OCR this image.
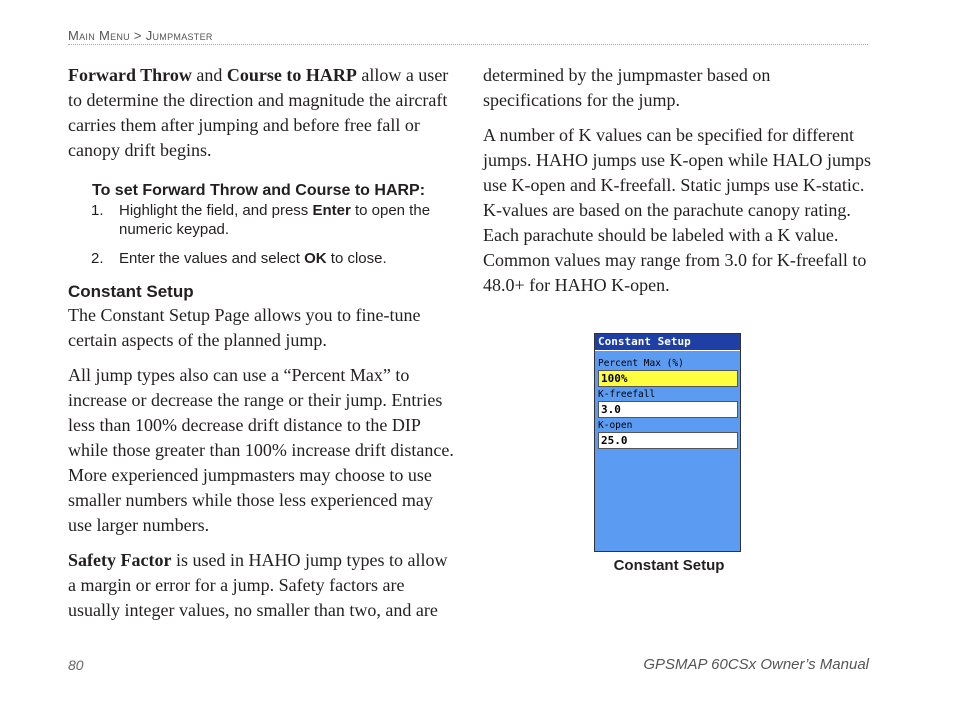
Main Menu > Jumpmaster

Forward Throw and Course to HARP allow a user to determine the direction and magnitude the aircraft carries them after jumping and before free fall or canopy drift begins.

To set Forward Throw and Course to HARP:
1. Highlight the field, and press Enter to open the numeric keypad.
2. Enter the values and select OK to close.
Constant Setup

The Constant Setup Page allows you to fine-tune certain aspects of the planned jump.

All jump types also can use a “Percent Max” to increase or decrease the range or their jump. Entries less than 100% decrease drift distance to the DIP while those greater than 100% increase drift distance. More experienced jumpmasters may choose to use smaller numbers while those less experienced may use larger numbers.

Safety Factor is used in HAHO jump types to allow a margin or error for a jump. Safety factors are usually integer values, no smaller than two, and are

determined by the jumpmaster based on specifications for the jump.

A number of K values can be specified for different jumps. HAHO jumps use K-open while HALO jumps use K-open and K-freefall. Static jumps use K-static. K-values are based on the parachute canopy rating. Each parachute should be labeled with a K value. Common values may range from 3.0 for K-freefall to 48.0+ for HAHO K-open.

Constant Setup
Percent Max (%)
100%
K-freefall
3.0
K-open
25.0
Constant Setup
80	GPSMAP 60CSx Owner’s Manual
